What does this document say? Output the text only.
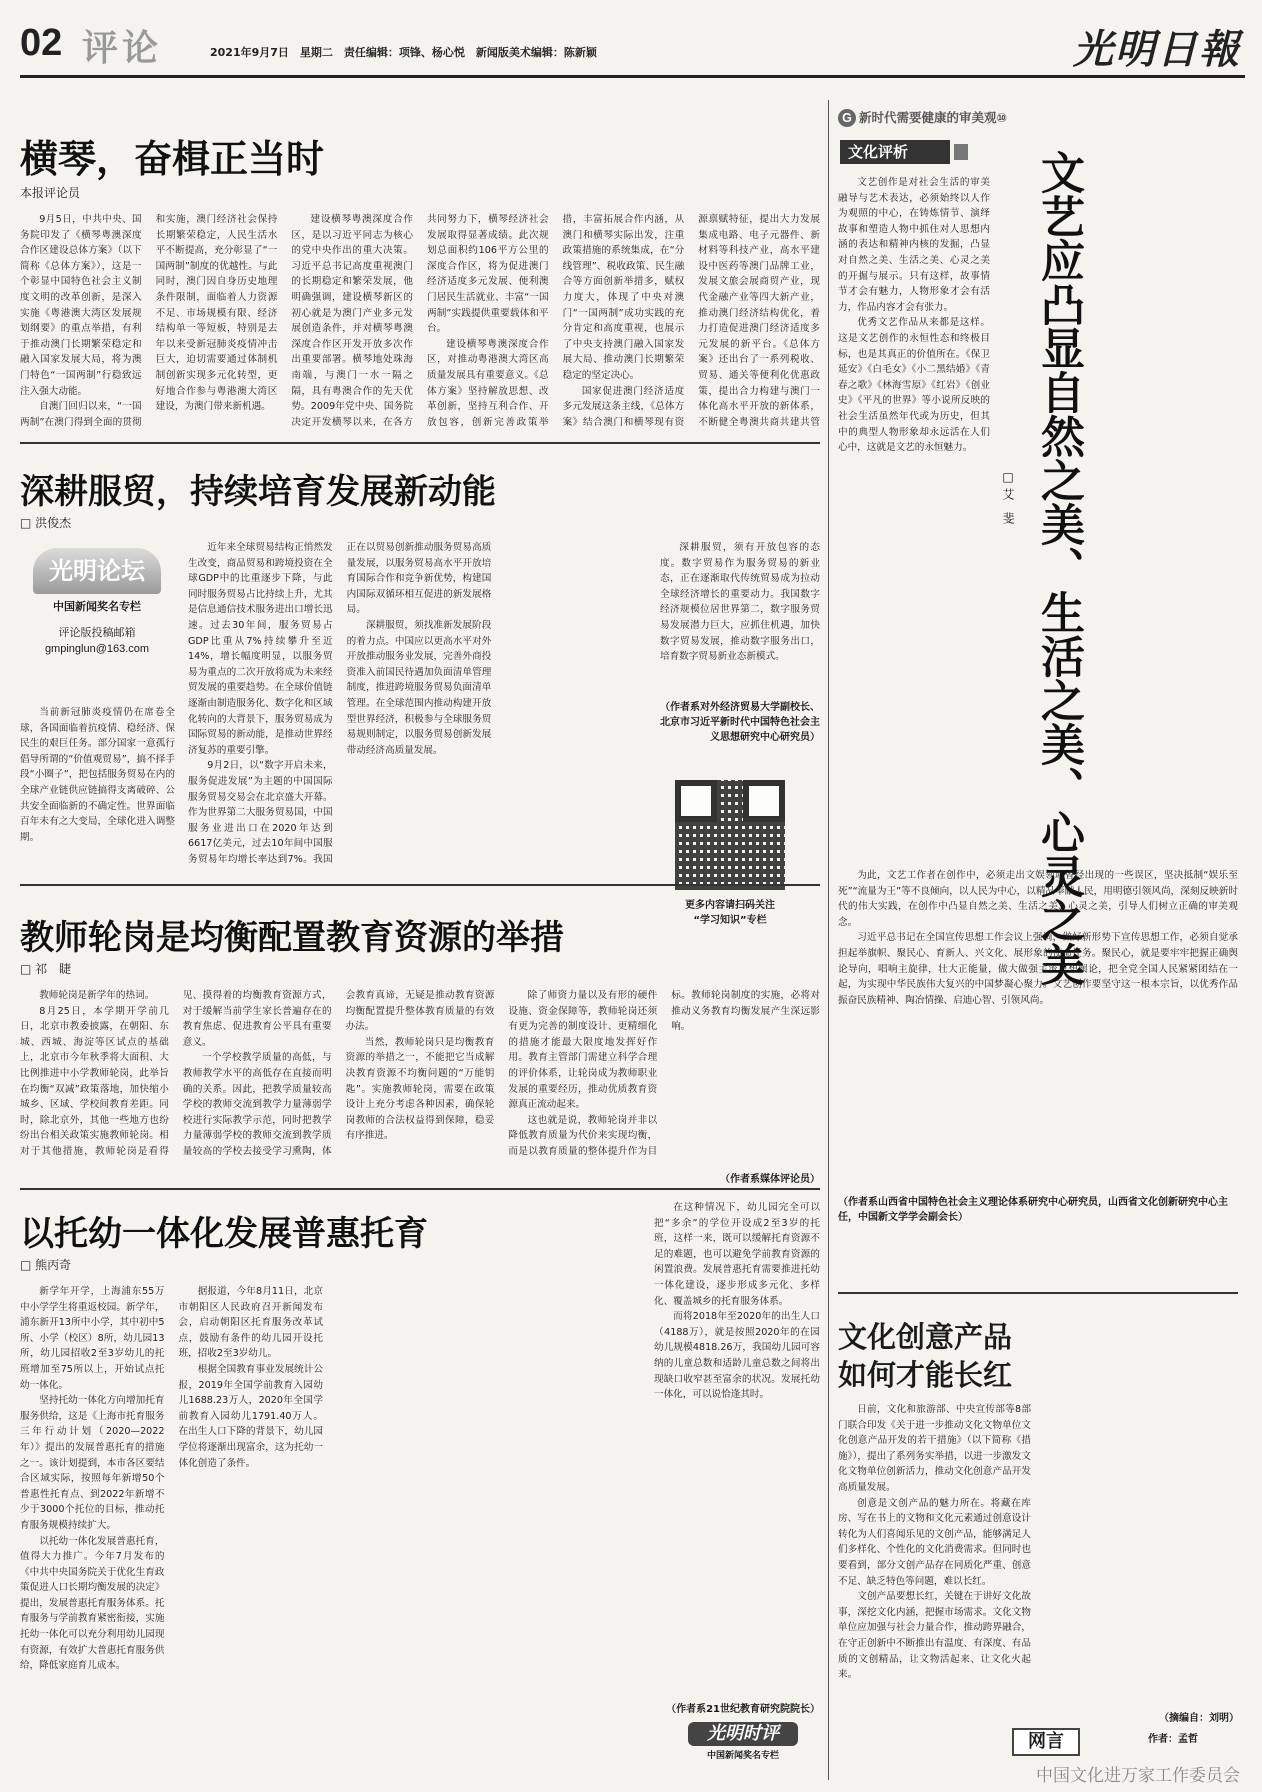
02 评论	2021年9月7日　星期二　责任编辑：项锋、杨心悦　新闻版美术编辑：陈新颖	光明日報
横琴，奋楫正当时
本报评论员

9月5日，中共中央、国务院印发了《横琴粤澳深度合作区建设总体方案》（以下简称《总体方案》），这是一个彰显中国特色社会主义制度文明的改革创新，是深入实施《粤港澳大湾区发展规划纲要》的重点举措，有利于推动澳门长期繁荣稳定和融入国家发展大局，将为澳门特色“一国两制”行稳致远注入强大动能。

自澳门回归以来，“一国两制”在澳门得到全面的贯彻和实施，澳门经济社会保持长期繁荣稳定，人民生活水平不断提高，充分彰显了“一国两制”制度的优越性。与此同时，澳门因自身历史地理条件限制，面临着人力资源不足、市场规模有限、经济结构单一等短板，特别是去年以来受新冠肺炎疫情冲击巨大，迫切需要通过体制机制创新实现多元化转型，更好地合作参与粤港澳大湾区建设，为澳门带来新机遇。

建设横琴粤澳深度合作区，是以习近平同志为核心的党中央作出的重大决策。习近平总书记高度重视澳门的长期稳定和繁荣发展，他明确强调，建设横琴新区的初心就是为澳门产业多元发展创造条件，并对横琴粤澳深度合作区开发开放多次作出重要部署。横琴地处珠海南端，与澳门一水一隔之隔，具有粤澳合作的先天优势。2009年党中央、国务院决定开发横琴以来，在各方共同努力下，横琴经济社会发展取得显著成绩。此次规划总面积约106平方公里的深度合作区，将为促进澳门经济适度多元发展、便利澳门居民生活就业、丰富“一国两制”实践提供重要载体和平台。

建设横琴粤澳深度合作区，对推动粤港澳大湾区高质量发展具有重要意义。《总体方案》坚持解放思想、改革创新，坚持互利合作、开放包容，创新完善政策举措，丰富拓展合作内涵，从澳门和横琴实际出发，注重政策措施的系统集成，在“分线管理”、税收政策、民生融合等方面创新举措多，赋权力度大，体现了中央对澳门“一国两制”成功实践的充分肯定和高度重视，也展示了中央支持澳门融入国家发展大局、推动澳门长期繁荣稳定的坚定决心。

国家促进澳门经济适度多元发展这条主线，《总体方案》结合澳门和横琴现有资源禀赋特征，提出大力发展集成电路、电子元器件、新材料等科技产业，高水平建设中医药等澳门品牌工业，发展文旅会展商贸产业，现代金融产业等四大新产业，推动澳门经济结构优化，着力打造促进澳门经济适度多元发展的新平台。《总体方案》还出台了一系列税收、贸易、通关等便利化优惠政策，提出合力构建与澳门一体化高水平开放的新体系，不断健全粤澳共商共建共管

深耕服贸，持续培育发展新动能
□ 洪俊杰
光明论坛
中国新闻奖名专栏
评论版投稿邮箱
gmpinglun@163.com

当前新冠肺炎疫情仍在席卷全球，各国面临着抗疫情、稳经济、保民生的艰巨任务。部分国家一意孤行倡导所谓的“价值观贸易”，搞不择手段“小圈子”，把包括服务贸易在内的全球产业链供应链搞得支离破碎、公共安全面临新的不确定性。世界面临百年未有之大变局，全球化进入调整期。

近年来全球贸易结构正悄然发生改变，商品贸易和跨境投资在全球GDP中的比重逐步下降，与此同时服务贸易占比持续上升，尤其是信息通信技术服务进出口增长迅速。过去30年间，服务贸易占GDP比重从7%持续攀升至近14%，增长幅度明显，以服务贸易为重点的二次开放将成为未来经贸发展的重要趋势。在全球价值链逐渐由制造服务化、数字化和区域化转向的大背景下，服务贸易成为国际贸易的新动能，是推动世界经济复苏的重要引擎。

9月2日，以“数字开启未来，服务促进发展”为主题的中国国际服务贸易交易会在北京盛大开幕。作为世界第二大服务贸易国，中国服务业进出口在2020年达到6617亿美元，过去10年间中国服务贸易年均增长率达到7%。我国正在以贸易创新推动服务贸易高质量发展，以服务贸易高水平开放培育国际合作和竞争新优势，构建国内国际双循环相互促进的新发展格局。

深耕服贸，须找准新发展阶段的着力点。中国应以更高水平对外开放推动服务业发展，完善外商投资准入前国民待遇加负面清单管理制度，推进跨境服务贸易负面清单管理。在全球范围内推动构建开放型世界经济，积极参与全球服务贸易规则制定，以服务贸易创新发展带动经济高质量发展。

深耕服贸，须有开放包容的态度。数字贸易作为服务贸易的新业态，正在逐渐取代传统贸易成为拉动全球经济增长的重要动力。我国数字经济规模位居世界第二，数字服务贸易发展潜力巨大，应抓住机遇，加快数字贸易发展，推动数字服务出口，培育数字贸易新业态新模式。

（作者系对外经济贸易大学副校长、北京市习近平新时代中国特色社会主义思想研究中心研究员）
更多内容请扫码关注
“学习知识”专栏
教师轮岗是均衡配置教育资源的举措
□ 祁　睫

教师轮岗是新学年的热词。

8月25日，本学期开学前几日，北京市教委披露，在朝阳、东城、西城、海淀等区试点的基础上，北京市今年秋季将大面积、大比例推进中小学教师轮岗，此举旨在均衡“双减”政策落地，加快缩小城乡、区域、学校间教育差距。同时，除北京外，其他一些地方也纷纷出台相关政策实施教师轮岗。相对于其他措施，教师轮岗是看得见、摸得着的均衡教育资源方式，对于缓解当前学生家长普遍存在的教育焦虑、促进教育公平具有重要意义。

一个学校教学质量的高低，与教师教学水平的高低存在直接而明确的关系。因此，把教学质量较高学校的教师交流到教学力量薄弱学校进行实际教学示范，同时把教学力量薄弱学校的教师交流到教学质量较高的学校去接受学习熏陶，体会教育真谛，无疑是推动教育资源均衡配置提升整体教育质量的有效办法。

当然，教师轮岗只是均衡教育资源的举措之一，不能把它当成解决教育资源不均衡问题的“万能钥匙”。实施教师轮岗，需要在政策设计上充分考虑各种因素，确保轮岗教师的合法权益得到保障，稳妥有序推进。

除了师资力量以及有形的硬件设施、资金保障等，教师轮岗还须有更为完善的制度设计、更精细化的措施才能最大限度地发挥好作用。教育主管部门需建立科学合理的评价体系，让轮岗成为教师职业发展的重要经历，推动优质教育资源真正流动起来。

这也就是说，教师轮岗并非以降低教育质量为代价来实现均衡，而是以教育质量的整体提升作为目标。教师轮岗制度的实施，必将对推动义务教育均衡发展产生深远影响。

（作者系媒体评论员）
以托幼一体化发展普惠托育
□ 熊丙奇

新学年开学，上海浦东55万中小学学生将重返校园。新学年，浦东新开13所中小学，其中初中5所、小学（校区）8所，幼儿园13所，幼儿园招收2至3岁幼儿的托班增加至75所以上，开始试点托幼一体化。

坚持托幼一体化方向增加托育服务供给，这是《上海市托育服务三年行动计划（2020—2022年）》提出的发展普惠托育的措施之一。该计划提到，本市各区要结合区域实际，按照每年新增50个普惠性托育点、到2022年新增不少于3000个托位的目标，推动托育服务规模持续扩大。

以托幼一体化发展普惠托育，值得大力推广。今年7月发布的《中共中央国务院关于优化生育政策促进人口长期均衡发展的决定》提出，发展普惠托育服务体系。托育服务与学前教育紧密衔接，实施托幼一体化可以充分利用幼儿园现有资源，有效扩大普惠托育服务供给，降低家庭育儿成本。

据报道，今年8月11日，北京市朝阳区人民政府召开新闻发布会，启动朝阳区托育服务改革试点，鼓励有条件的幼儿园开设托班，招收2至3岁幼儿。

根据全国教育事业发展统计公报，2019年全国学前教育入园幼儿1688.23万人，2020年全国学前教育入园幼儿1791.40万人。在出生人口下降的背景下，幼儿园学位将逐渐出现富余，这为托幼一体化创造了条件。

在这种情况下，幼儿园完全可以把“多余”的学位开设成2至3岁的托班，这样一来，既可以缓解托育资源不足的难题，也可以避免学前教育资源的闲置浪费。发展普惠托育需要推进托幼一体化建设，逐步形成多元化、多样化、覆盖城乡的托育服务体系。

而将2018年至2020年的出生人口（4188万），就是按照2020年的在园幼儿规模4818.26万，我国幼儿园可容纳的儿童总数和适龄儿童总数之间将出现缺口收窄甚至富余的状况。发展托幼一体化，可以说恰逢其时。

（作者系21世纪教育研究院院长）
光明时评
中国新闻奖名专栏
G 新时代需要健康的审美观⑩
文化评析	文艺应凸显自然之美、生活之美、心灵之美
□ 艾　斐

文艺创作是对社会生活的审美融导与艺术表达，必须始终以人作为观照的中心，在铸炼情节、演绎故事和塑造人物中抓住对人思想内涵的表达和精神内核的发掘，凸显对自然之美、生活之美、心灵之美的开掘与展示。只有这样，故事情节才会有魅力，人物形象才会有活力，作品内容才会有张力。

优秀文艺作品从来都是这样。这是文艺创作的永恒性态和终极目标，也是其真正的价值所在。《保卫延安》《白毛女》《小二黑结婚》《青春之歌》《林海雪原》《红岩》《创业史》《平凡的世界》等小说所反映的社会生活虽然年代或为历史，但其中的典型人物形象却永远活在人们心中，这就是文艺的永恒魅力。

为此，文艺工作者在创作中，必须走出文娱领域曾经出现的一些误区，坚决抵制“娱乐至死”“流量为王”等不良倾向，以人民为中心，以精品奉献人民，用明德引领风尚，深刻反映新时代的伟大实践，在创作中凸显自然之美、生活之美、心灵之美，引导人们树立正确的审美观念。

习近平总书记在全国宣传思想工作会议上强调，做好新形势下宣传思想工作，必须自觉承担起举旗帜、聚民心、育新人、兴文化、展形象的使命任务。聚民心，就是要牢牢把握正确舆论导向，唱响主旋律，壮大正能量，做大做强主流思想舆论，把全党全国人民紧紧团结在一起，为实现中华民族伟大复兴的中国梦凝心聚力。文艺创作要坚守这一根本宗旨，以优秀作品振奋民族精神、陶冶情操、启迪心智、引领风尚。

（作者系山西省中国特色社会主义理论体系研究中心研究员，山西省文化创新研究中心主任，中国新文学学会副会长）
文化创意产品
如何才能长红

日前，文化和旅游部、中央宣传部等8部门联合印发《关于进一步推动文化文物单位文化创意产品开发的若干措施》（以下简称《措施》），提出了系列务实举措，以进一步激发文化文物单位创新活力，推动文化创意产品开发高质量发展。

创意是文创产品的魅力所在。将藏在库房、写在书上的文物和文化元素通过创意设计转化为人们喜闻乐见的文创产品，能够满足人们多样化、个性化的文化消费需求。但同时也要看到，部分文创产品存在同质化严重、创意不足、缺乏特色等问题，难以长红。

文创产品要想长红，关键在于讲好文化故事，深挖文化内涵，把握市场需求。文化文物单位应加强与社会力量合作，推动跨界融合，在守正创新中不断推出有温度、有深度、有品质的文创精品，让文物活起来、让文化火起来。

作者：孟哲
（摘编自：刘明）
网言
中国文化进万家工作委员会
